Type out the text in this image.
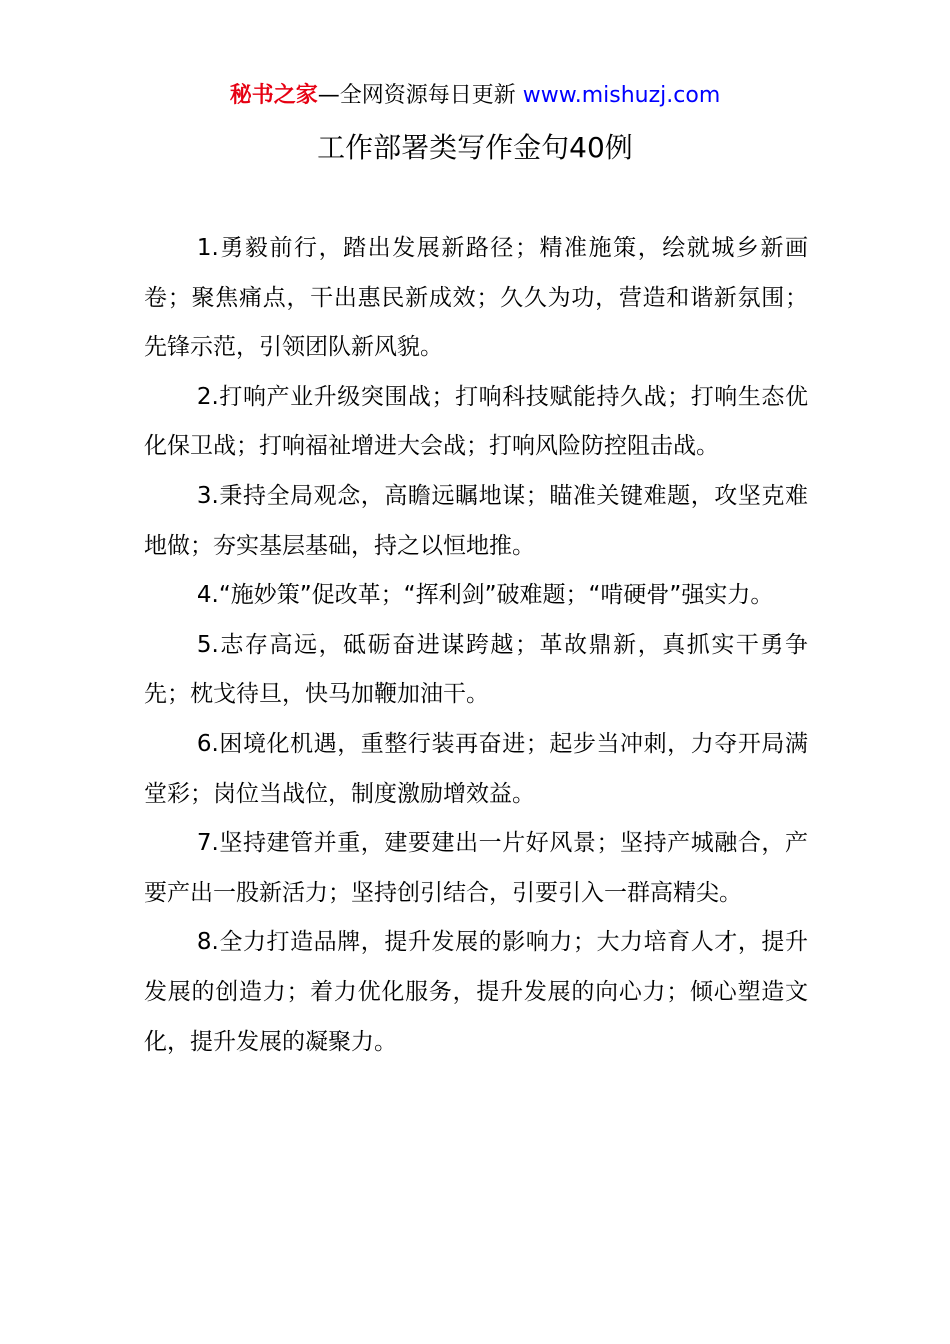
秘书之家—全网资源每日更新 www.mishuzj.com
工作部署类写作金句40例

1.勇毅前行，踏出发展新路径；精准施策，绘就城乡新画卷；聚焦痛点，干出惠民新成效；久久为功，营造和谐新氛围；先锋示范，引领团队新风貌。

2.打响产业升级突围战；打响科技赋能持久战；打响生态优化保卫战；打响福祉增进大会战；打响风险防控阻击战。

3.秉持全局观念，高瞻远瞩地谋；瞄准关键难题，攻坚克难地做；夯实基层基础，持之以恒地推。

4.“施妙策”促改革；“挥利剑”破难题；“啃硬骨”强实力。

5.志存高远，砥砺奋进谋跨越；革故鼎新，真抓实干勇争先；枕戈待旦，快马加鞭加油干。

6.困境化机遇，重整行装再奋进；起步当冲刺，力夺开局满堂彩；岗位当战位，制度激励增效益。

7.坚持建管并重，建要建出一片好风景；坚持产城融合，产要产出一股新活力；坚持创引结合，引要引入一群高精尖。

8.全力打造品牌，提升发展的影响力；大力培育人才，提升发展的创造力；着力优化服务，提升发展的向心力；倾心塑造文化，提升发展的凝聚力。
